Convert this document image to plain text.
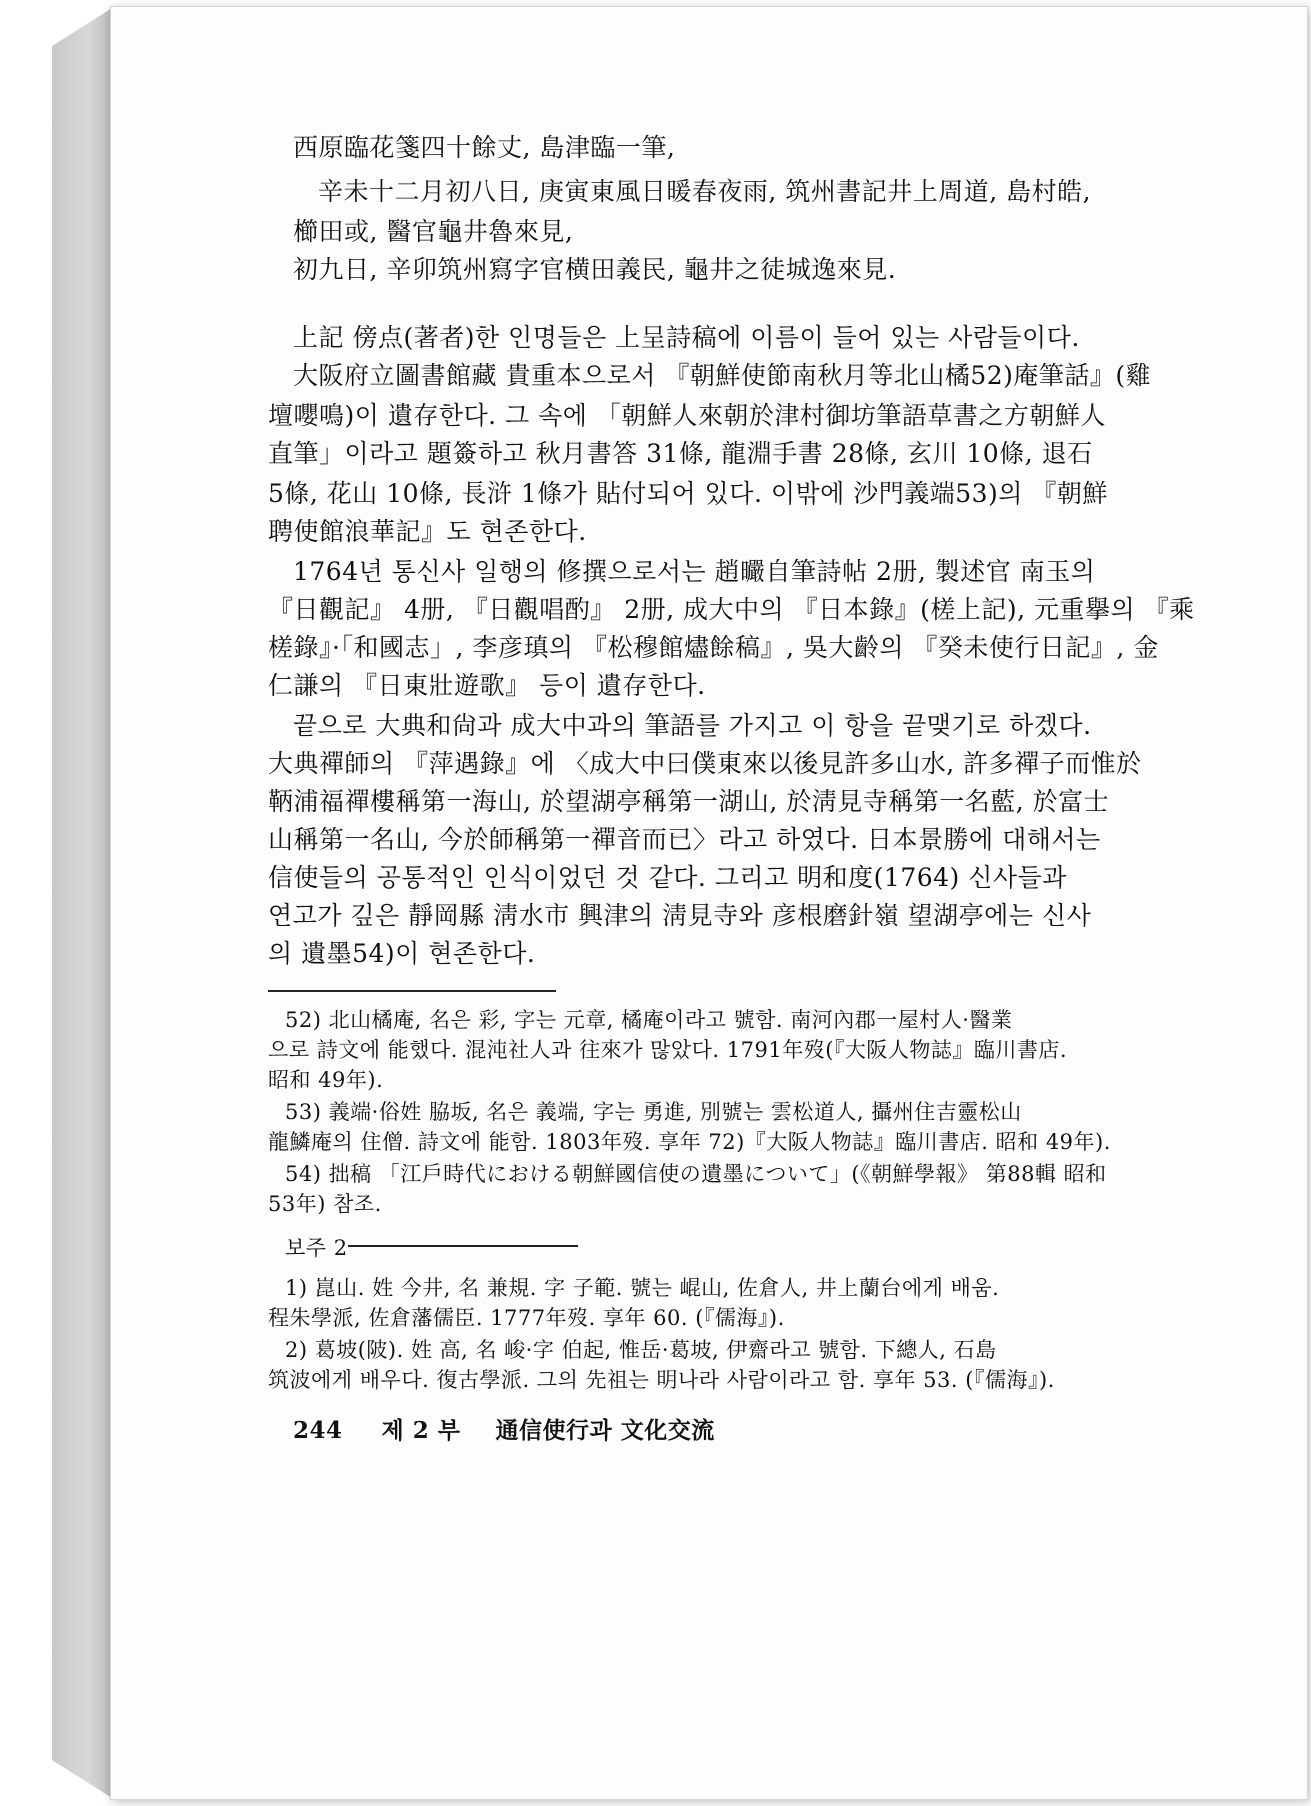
西原臨花箋四十餘丈, 島津臨一筆,
辛未十二月初八日, 庚寅東風日暖春夜雨, 筑州書記井上周道, 島村皓,
櫛田或, 醫官龜井魯來見,
初九日, 辛卯筑州寫字官横田義民, 龜井之徒城逸來見.
上記 傍点(著者)한 인명들은 上呈詩稿에 이름이 들어 있는 사람들이다.
大阪府立圖書館藏 貴重本으로서 『朝鮮使節南秋月等北山橘52)庵筆話』(雞
壇嚶鳴)이 遺存한다. 그 속에 「朝鮮人來朝於津村御坊筆語草書之方朝鮮人
直筆」이라고 題簽하고 秋月書答 31條, 龍淵手書 28條, 玄川 10條, 退石
5條, 花山 10條, 長浒 1條가 貼付되어 있다. 이밖에 沙門義端53)의 『朝鮮
聘使館浪華記』도 현존한다.
1764년 통신사 일행의 修撰으로서는 趙曮自筆詩帖 2册, 製述官 南玉의
『日觀記』 4册, 『日觀唱酌』 2册, 成大中의 『日本錄』(槎上記), 元重擧의 『乘
槎錄』·「和國志」, 李彦瑱의 『松穆館燼餘稿』, 吳大齡의 『癸未使行日記』, 金
仁謙의 『日東壯遊歌』 등이 遺存한다.
끝으로 大典和尙과 成大中과의 筆語를 가지고 이 항을 끝맺기로 하겠다.
大典禪師의 『萍遇錄』에 〈成大中曰僕東來以後見許多山水, 許多禪子而惟於
鞆浦福禪樓稱第一海山, 於望湖亭稱第一湖山, 於淸見寺稱第一名藍, 於富士
山稱第一名山, 今於師稱第一禪音而已〉라고 하였다. 日本景勝에 대해서는
信使들의 공통적인 인식이었던 것 같다. 그리고 明和度(1764) 신사들과
연고가 깊은 靜岡縣 淸水市 興津의 淸見寺와 彦根磨針嶺 望湖亭에는 신사
의 遺墨54)이 현존한다.
52) 北山橘庵, 名은 彩, 字는 元章, 橘庵이라고 號함. 南河內郡一屋村人·醫業
으로 詩文에 能했다. 混沌社人과 往來가 많았다. 1791年歿(『大阪人物誌』臨川書店.
昭和 49年).
53) 義端·俗姓 脇坂, 名은 義端, 字는 勇進, 別號는 雲松道人, 攝州住吉靈松山
龍鱗庵의 住僧. 詩文에 能함. 1803年歿. 享年 72)『大阪人物誌』臨川書店. 昭和 49年).
54) 拙稿 「江戶時代における朝鮮國信使の遺墨について」(《朝鮮學報》 第88輯 昭和
53年) 참조.
보주 2
1) 崑山. 姓 今井, 名 兼規. 字 子範. 號는 崐山, 佐倉人, 井上蘭台에게 배움.
程朱學派, 佐倉藩儒臣. 1777年歿. 享年 60. (『儒海』).
2) 葛坡(陂). 姓 高, 名 峻·字 伯起, 惟岳·葛坡, 伊齋라고 號함. 下總人, 石島
筑波에게 배우다. 復古學派. 그의 先祖는 明나라 사람이라고 함. 享年 53. (『儒海』).
244 제 2 부 通信使行과 文化交流
